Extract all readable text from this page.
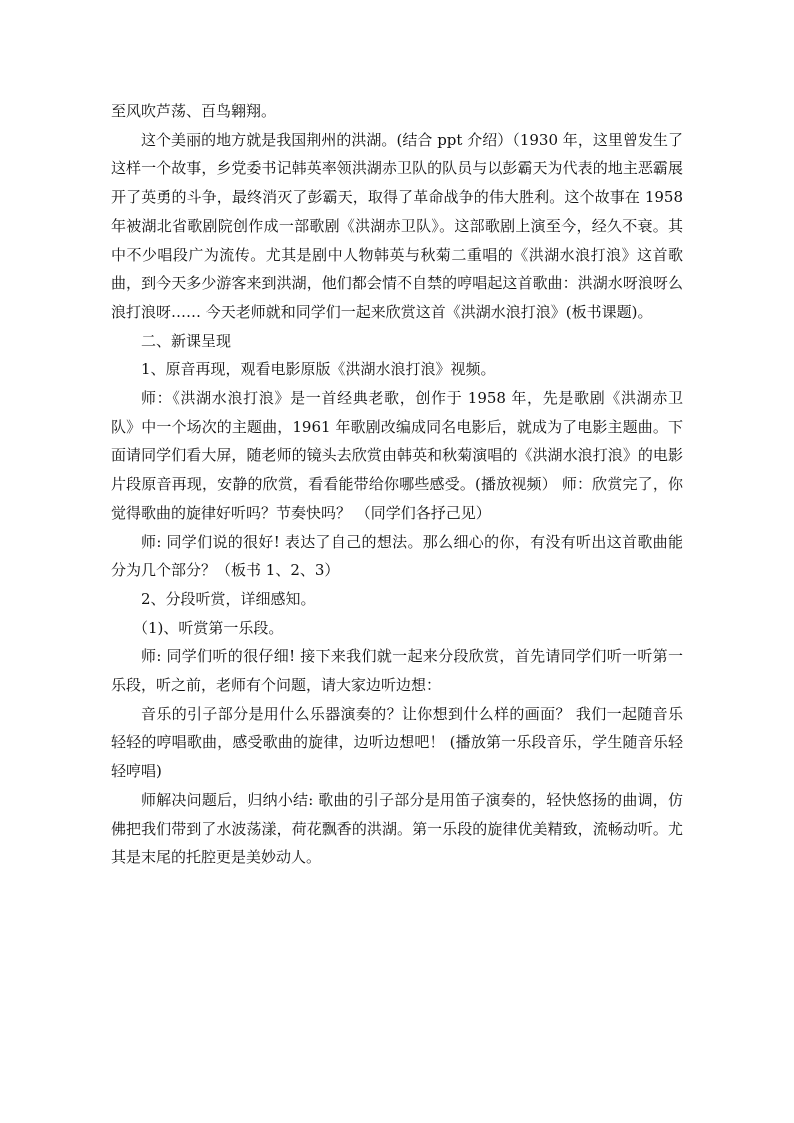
至风吹芦荡、百鸟翱翔。

这个美丽的地方就是我国荆州的洪湖。(结合 ppt 介绍）（1930 年，这里曾发生了这样一个故事，乡党委书记韩英率领洪湖赤卫队的队员与以彭霸天为代表的地主恶霸展开了英勇的斗争，最终消灭了彭霸天，取得了革命战争的伟大胜利。这个故事在 1958 年被湖北省歌剧院创作成一部歌剧《洪湖赤卫队》。这部歌剧上演至今，经久不衰。其中不少唱段广为流传。尤其是剧中人物韩英与秋菊二重唱的《洪湖水浪打浪》这首歌曲，到今天多少游客来到洪湖，他们都会情不自禁的哼唱起这首歌曲：洪湖水呀浪呀么浪打浪呀…… 今天老师就和同学们一起来欣赏这首《洪湖水浪打浪》(板书课题)。

二、新课呈现

1、原音再现，观看电影原版《洪湖水浪打浪》视频。

师：《洪湖水浪打浪》是一首经典老歌，创作于 1958 年，先是歌剧《洪湖赤卫队》中一个场次的主题曲，1961 年歌剧改编成同名电影后，就成为了电影主题曲。下面请同学们看大屏，随老师的镜头去欣赏由韩英和秋菊演唱的《洪湖水浪打浪》的电影片段原音再现，安静的欣赏，看看能带给你哪些感受。(播放视频） 师：欣赏完了，你觉得歌曲的旋律好听吗？节奏快吗？ （同学们各抒己见）

师: 同学们说的很好! 表达了自己的想法。那么细心的你，有没有听出这首歌曲能分为几个部分？（板书 1、2、3）

2、分段听赏，详细感知。

（1)、听赏第一乐段。

师: 同学们听的很仔细! 接下来我们就一起来分段欣赏，首先请同学们听一听第一乐段，听之前，老师有个问题，请大家边听边想：

音乐的引子部分是用什么乐器演奏的？让你想到什么样的画面？ 我们一起随音乐轻轻的哼唱歌曲，感受歌曲的旋律，边听边想吧！ (播放第一乐段音乐，学生随音乐轻轻哼唱)

师解决问题后，归纳小结: 歌曲的引子部分是用笛子演奏的，轻快悠扬的曲调，仿佛把我们带到了水波荡漾，荷花飘香的洪湖。第一乐段的旋律优美精致，流畅动听。尤其是末尾的托腔更是美妙动人。
